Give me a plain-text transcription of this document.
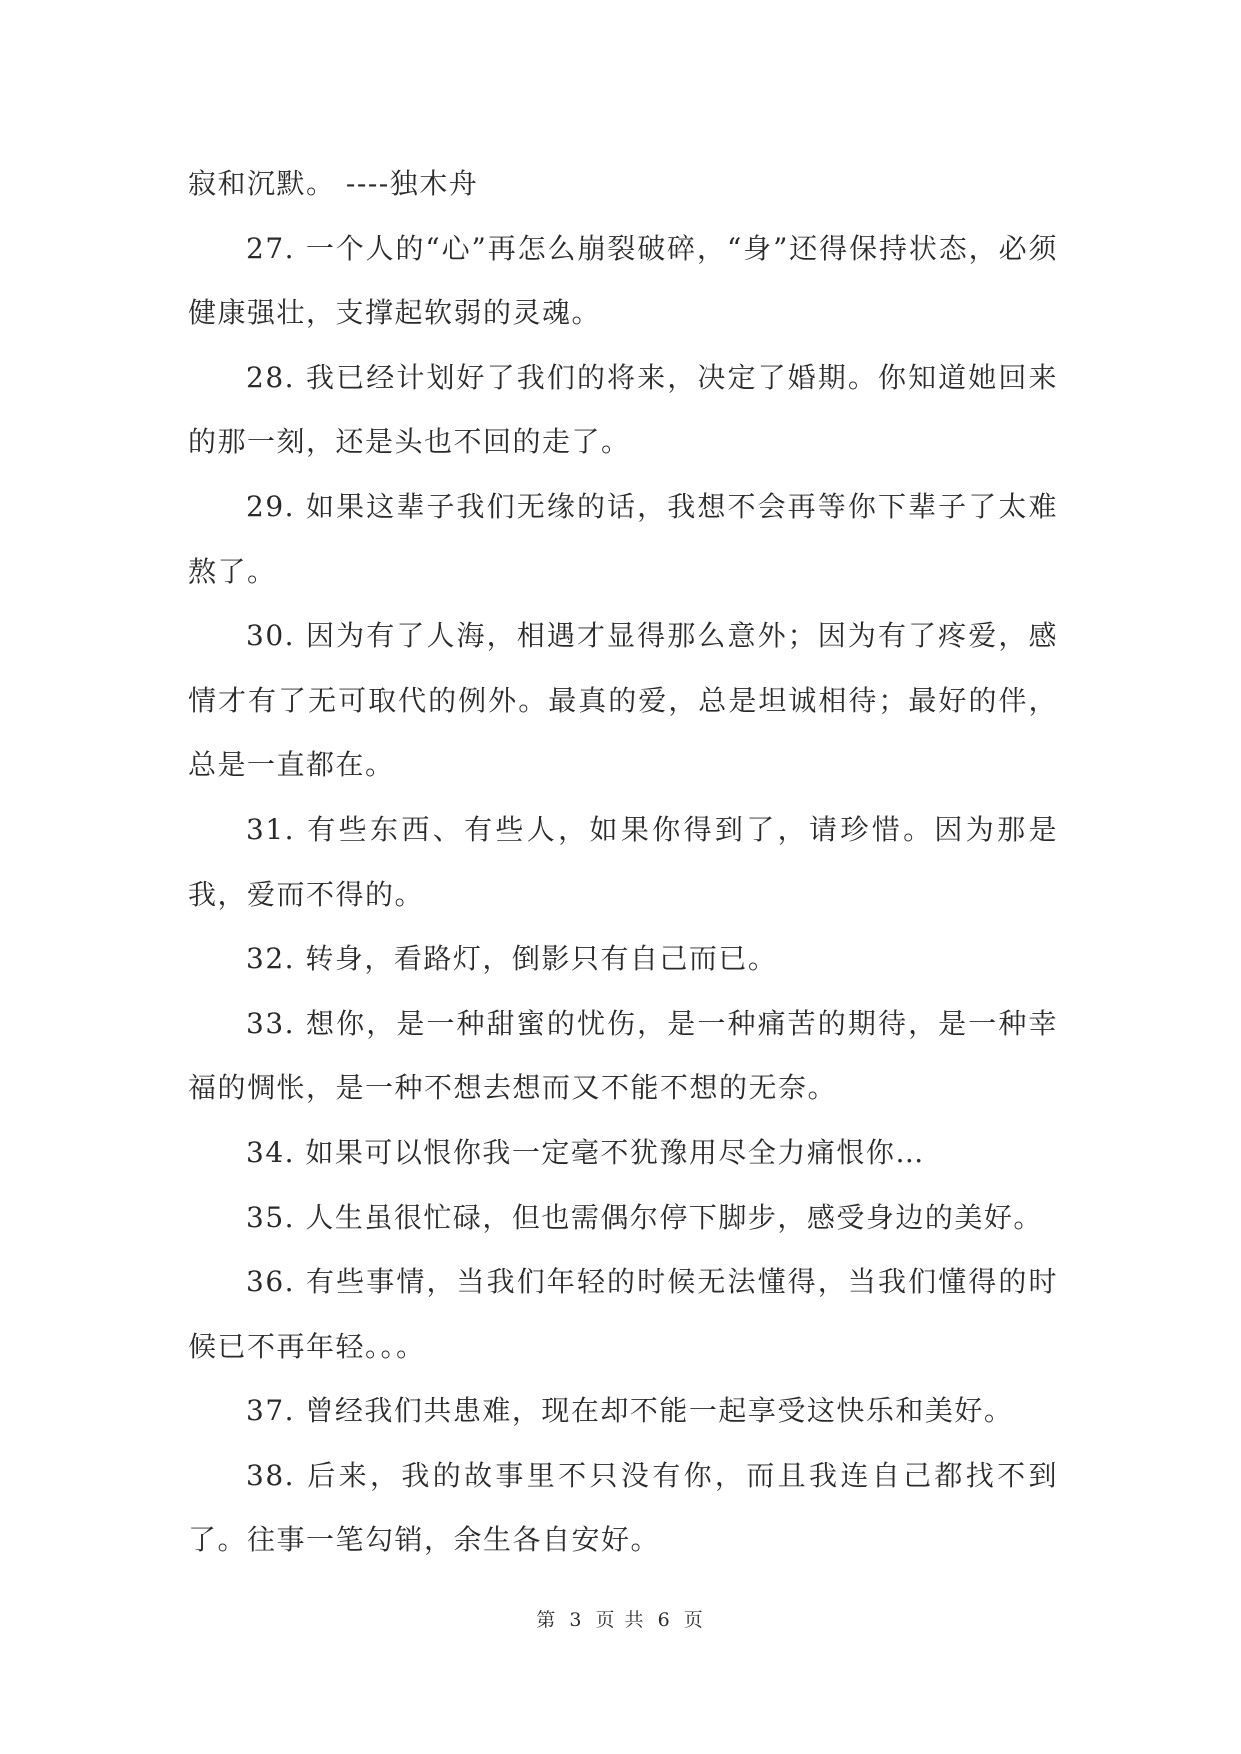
寂和沉默。 ----独木舟

27. 一个人的“心”再怎么崩裂破碎，“身”还得保持状态，必须健康强壮，支撑起软弱的灵魂。

28. 我已经计划好了我们的将来，决定了婚期。你知道她回来的那一刻，还是头也不回的走了。

29. 如果这辈子我们无缘的话，我想不会再等你下辈子了太难熬了。

30. 因为有了人海，相遇才显得那么意外；因为有了疼爱，感情才有了无可取代的例外。最真的爱，总是坦诚相待；最好的伴，总是一直都在。

31. 有些东西、有些人，如果你得到了，请珍惜。因为那是我，爱而不得的。

32. 转身，看路灯，倒影只有自己而已。

33. 想你，是一种甜蜜的忧伤，是一种痛苦的期待，是一种幸福的惆怅，是一种不想去想而又不能不想的无奈。

34. 如果可以恨你我一定毫不犹豫用尽全力痛恨你…

35. 人生虽很忙碌，但也需偶尔停下脚步，感受身边的美好。

36. 有些事情，当我们年轻的时候无法懂得，当我们懂得的时候已不再年轻。。。

37. 曾经我们共患难，现在却不能一起享受这快乐和美好。

38. 后来，我的故事里不只没有你，而且我连自己都找不到了。往事一笔勾销，余生各自安好。

第 3 页 共 6 页
